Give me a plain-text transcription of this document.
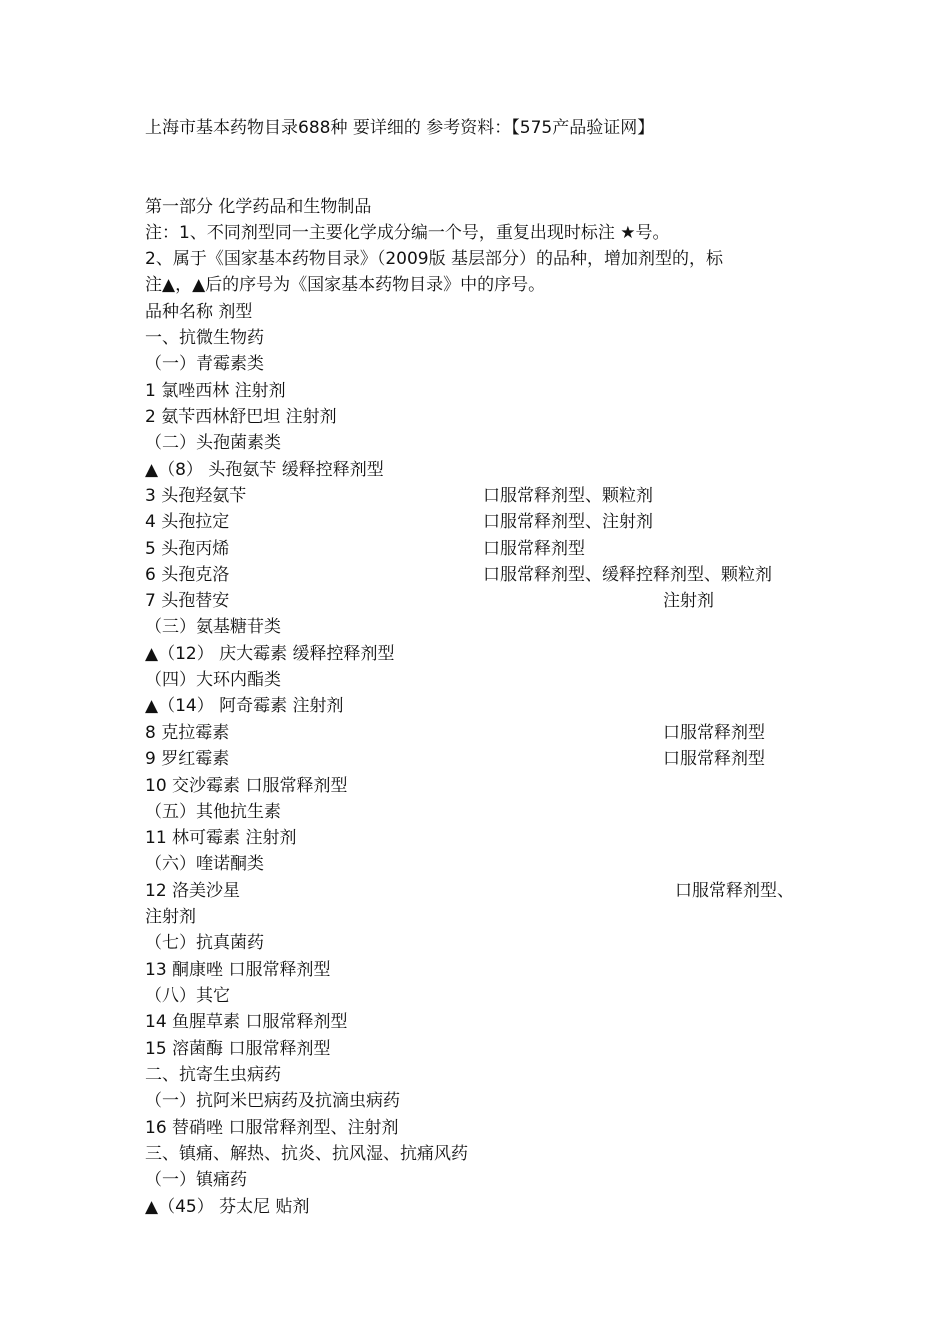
上海市基本药物目录688种 要详细的 参考资料：【575产品验证网】
第一部分 化学药品和生物制品
注：1、不同剂型同一主要化学成分编一个号，重复出现时标注 ★号。
2、属于《国家基本药物目录》（2009版 基层部分）的品种，增加剂型的，标
注▲，▲后的序号为《国家基本药物目录》中的序号。
品种名称 剂型
一、抗微生物药
（一）青霉素类
1 氯唑西林 注射剂
2 氨苄西林舒巴坦 注射剂
（二）头孢菌素类
▲（8） 头孢氨苄 缓释控释剂型
3 头孢羟氨苄	口服常释剂型、颗粒剂
4 头孢拉定	口服常释剂型、注射剂
5 头孢丙烯	口服常释剂型
6 头孢克洛	口服常释剂型、缓释控释剂型、颗粒剂
7 头孢替安	注射剂
（三）氨基糖苷类
▲（12） 庆大霉素 缓释控释剂型
（四）大环内酯类
▲（14） 阿奇霉素 注射剂
8 克拉霉素	口服常释剂型
9 罗红霉素	口服常释剂型
10 交沙霉素 口服常释剂型
（五）其他抗生素
11 林可霉素 注射剂
（六）喹诺酮类
12 洛美沙星	口服常释剂型、
注射剂
（七）抗真菌药
13 酮康唑 口服常释剂型
（八）其它
14 鱼腥草素 口服常释剂型
15 溶菌酶 口服常释剂型
二、抗寄生虫病药
（一）抗阿米巴病药及抗滴虫病药
16 替硝唑 口服常释剂型、注射剂
三、镇痛、解热、抗炎、抗风湿、抗痛风药
（一）镇痛药
▲（45） 芬太尼 贴剂
